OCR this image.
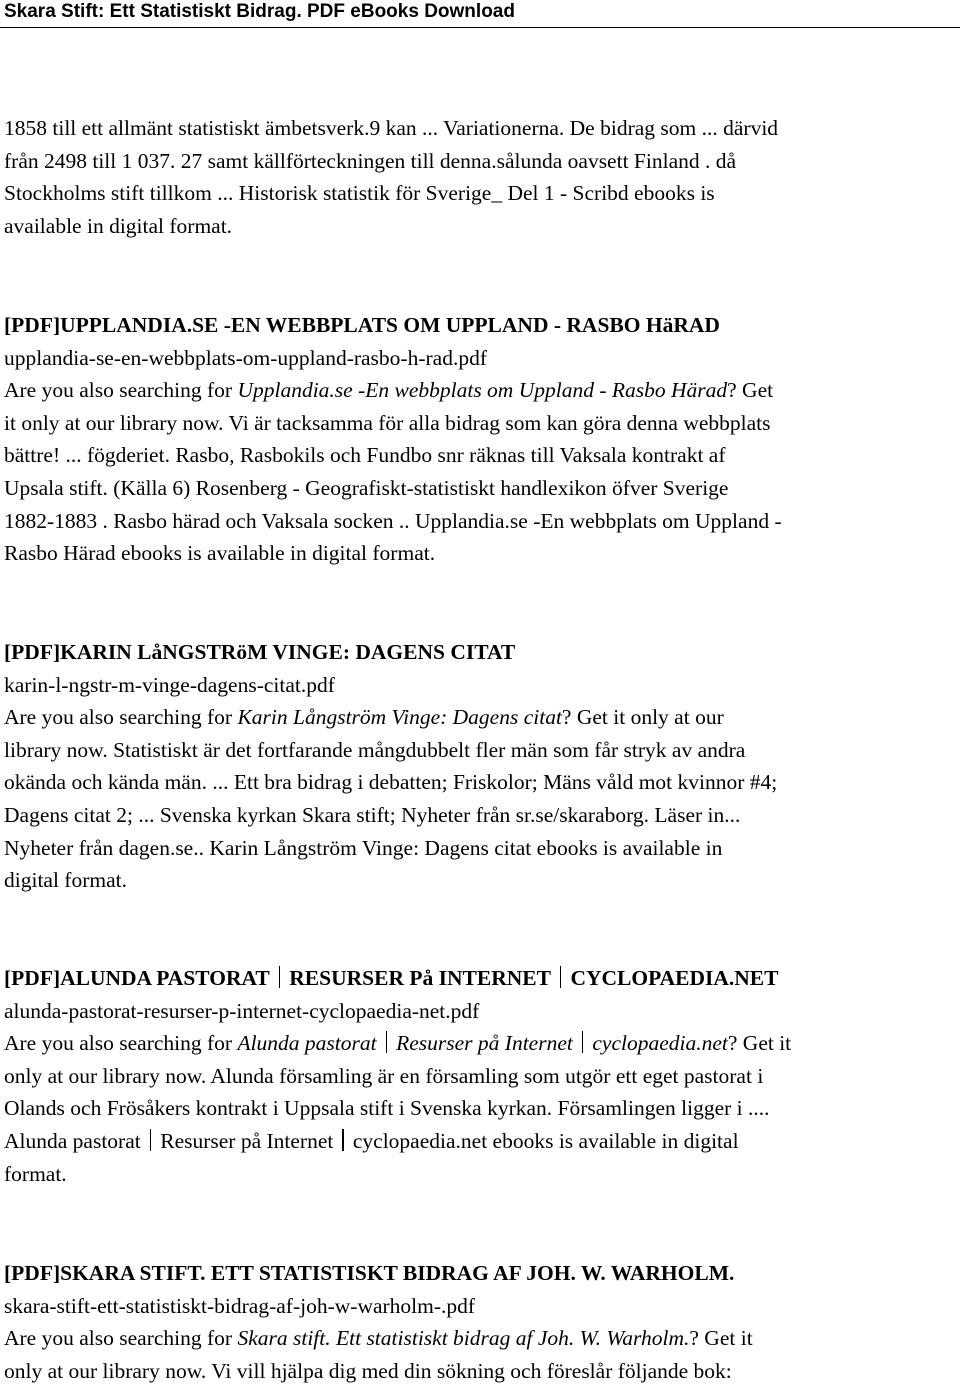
Skara Stift: Ett Statistiskt Bidrag. PDF eBooks Download
1858 till ett allmänt statistiskt ämbetsverk.9 kan ... Variationerna. De bidrag som ... därvid
från 2498 till 1 037. 27 samt källförteckningen till denna.sålunda oavsett Finland . då
Stockholms stift tillkom ... Historisk statistik för Sverige_ Del 1 - Scribd ebooks is
available in digital format.
[PDF]UPPLANDIA.SE -EN WEBBPLATS OM UPPLAND - RASBO HäRAD
upplandia-se-en-webbplats-om-uppland-rasbo-h-rad.pdf
Are you also searching for Upplandia.se -En webbplats om Uppland - Rasbo Härad? Get
it only at our library now. Vi är tacksamma för alla bidrag som kan göra denna webbplats
bättre! ... fögderiet. Rasbo, Rasbokils och Fundbo snr räknas till Vaksala kontrakt af
Upsala stift. (Källa 6) Rosenberg - Geografiskt-statistiskt handlexikon öfver Sverige
1882-1883 . Rasbo härad och Vaksala socken .. Upplandia.se -En webbplats om Uppland -
Rasbo Härad ebooks is available in digital format.
[PDF]KARIN LåNGSTRöM VINGE: DAGENS CITAT
karin-l-ngstr-m-vinge-dagens-citat.pdf
Are you also searching for Karin Långström Vinge: Dagens citat? Get it only at our
library now. Statistiskt är det fortfarande mångdubbelt fler män som får stryk av andra
okända och kända män. ... Ett bra bidrag i debatten; Friskolor; Mäns våld mot kvinnor #4;
Dagens citat 2; ... Svenska kyrkan Skara stift; Nyheter från sr.se/skaraborg. Läser in...
Nyheter från dagen.se.. Karin Långström Vinge: Dagens citat ebooks is available in
digital format.
[PDF]ALUNDA PASTORAT RESURSER På INTERNET CYCLOPAEDIA.NET
alunda-pastorat-resurser-p-internet-cyclopaedia-net.pdf
Are you also searching for Alunda pastorat Resurser på Internet cyclopaedia.net? Get it
only at our library now. Alunda församling är en församling som utgör ett eget pastorat i
Olands och Frösåkers kontrakt i Uppsala stift i Svenska kyrkan. Församlingen ligger i ....
Alunda pastorat Resurser på Internet cyclopaedia.net ebooks is available in digital
format.
[PDF]SKARA STIFT. ETT STATISTISKT BIDRAG AF JOH. W. WARHOLM.
skara-stift-ett-statistiskt-bidrag-af-joh-w-warholm-.pdf
Are you also searching for Skara stift. Ett statistiskt bidrag af Joh. W. Warholm.? Get it
only at our library now. Vi vill hjälpa dig med din sökning och föreslår följande bok:
